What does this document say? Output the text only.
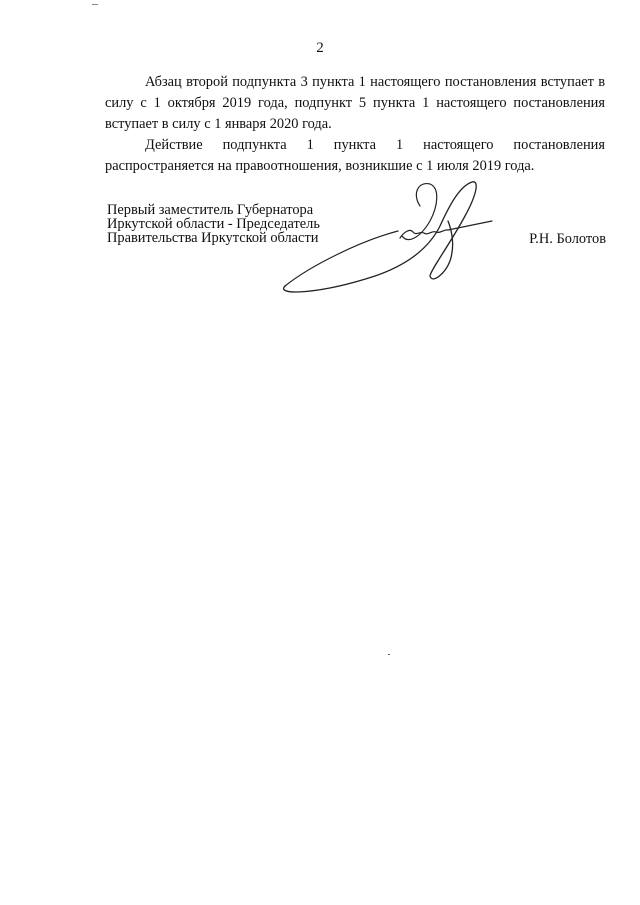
2

Абзац второй подпункта 3 пункта 1 настоящего постановления вступает в силу с 1 октября 2019 года, подпункт 5 пункта 1 настоящего постановления вступает в силу с 1 января 2020 года.

Действие подпункта 1 пункта 1 настоящего постановления распространяется на правоотношения, возникшие с 1 июля 2019 года.

Первый заместитель Губернатора
Иркутской области - Председатель
Правительства Иркутской области	Р.Н. Болотов
